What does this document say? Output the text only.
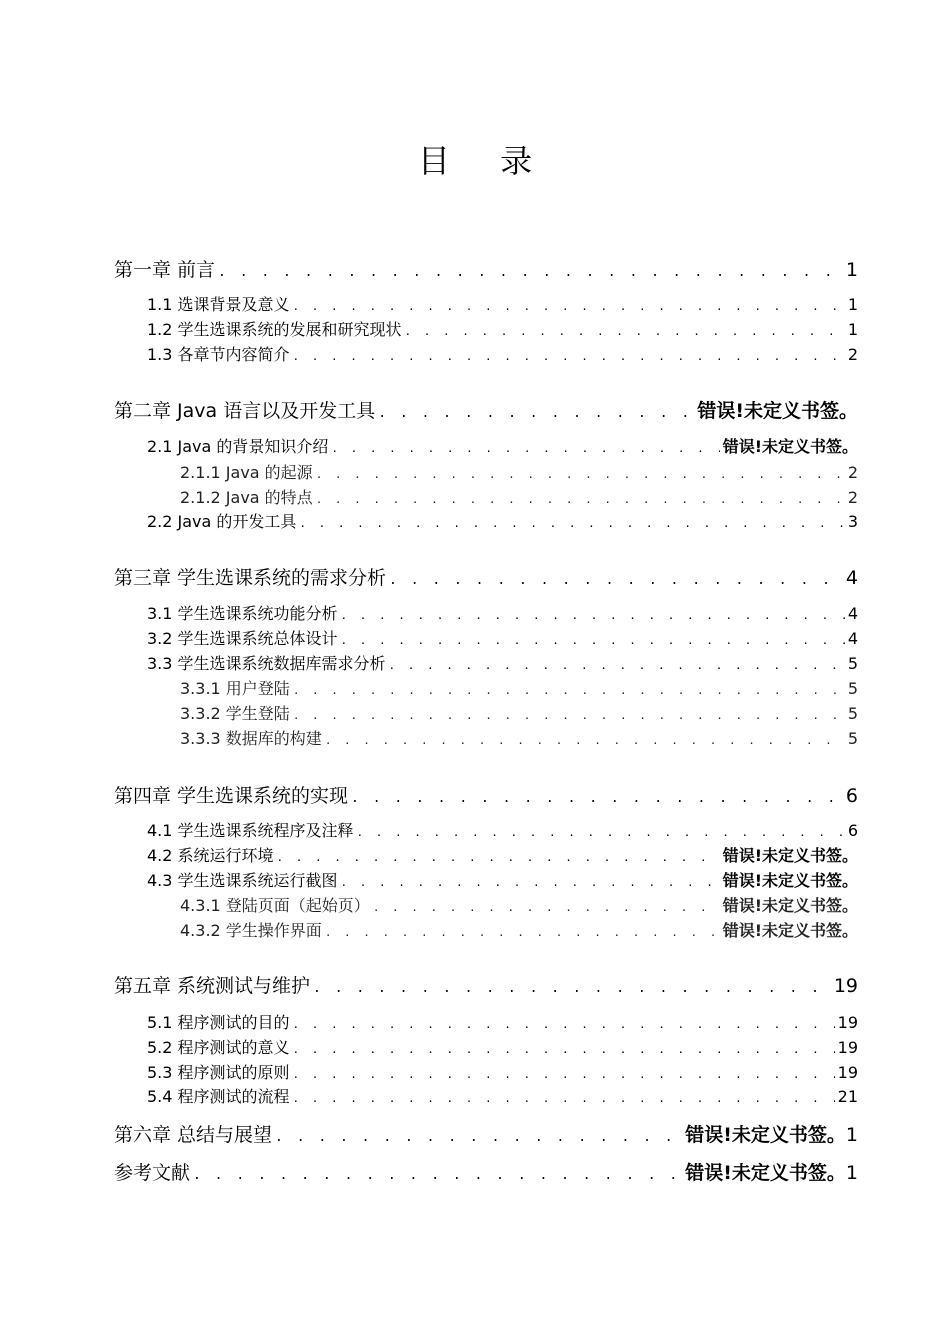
目 录
第一章 前言 . . .	1
1.1 选课背景及意义 . . .	1
1.2 学生选课系统的发展和研究现状 . . .	1
1.3 各章节内容简介 . . .	2
第二章 Java 语言以及开发工具 . . .	错误!未定义书签。
2.1 Java 的背景知识介绍 . . .	错误!未定义书签。
2.1.1 Java 的起源 . . .	2
2.1.2 Java 的特点 . . .	2
2.2 Java 的开发工具 . . .	3
第三章 学生选课系统的需求分析 . . .	4
3.1 学生选课系统功能分析 . . .	4
3.2 学生选课系统总体设计 . . .	4
3.3 学生选课系统数据库需求分析 . . .	5
3.3.1 用户登陆 . . .	5
3.3.2 学生登陆 . . .	5
3.3.3 数据库的构建 . . .	5
第四章 学生选课系统的实现 . . .	6
4.1 学生选课系统程序及注释 . . .	6
4.2 系统运行环境 . . .	错误!未定义书签。
4.3 学生选课系统运行截图 . . .	错误!未定义书签。
4.3.1 登陆页面（起始页） . . .	错误!未定义书签。
4.3.2 学生操作界面 . . .	错误!未定义书签。
第五章 系统测试与维护 . . .	19
5.1 程序测试的目的 . . .	19
5.2 程序测试的意义 . . .	19
5.3 程序测试的原则 . . .	19
5.4 程序测试的流程 . . .	21
第六章 总结与展望 . . .	错误!未定义书签。 1
参考文献 . . .	错误!未定义书签。 1
